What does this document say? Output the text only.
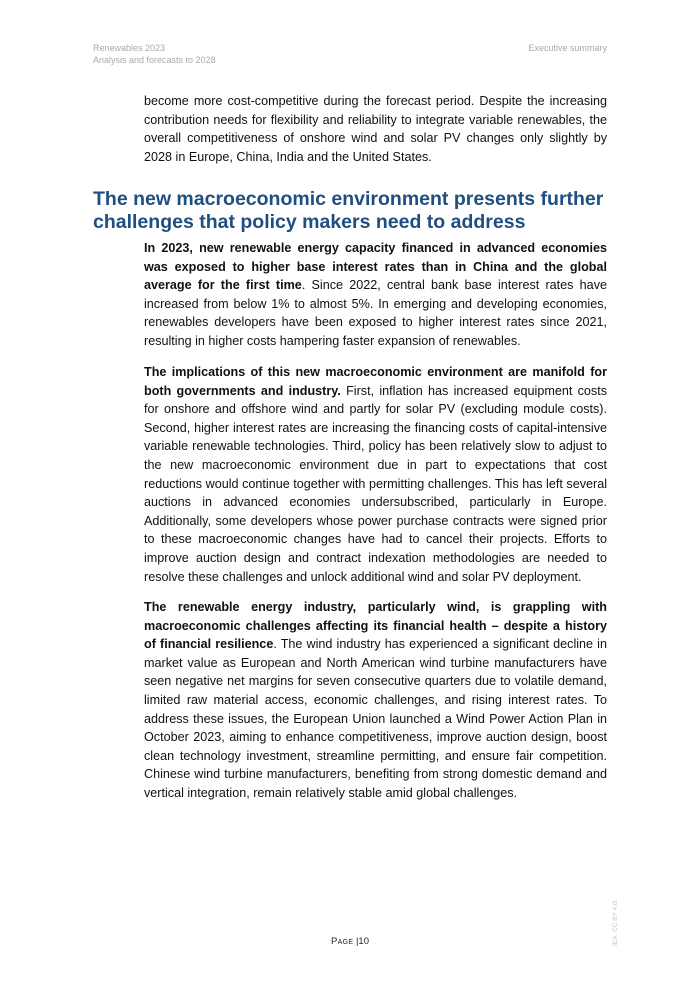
Renewables 2023
Analysis and forecasts to 2028
Executive summary

become more cost-competitive during the forecast period. Despite the increasing contribution needs for flexibility and reliability to integrate variable renewables, the overall competitiveness of onshore wind and solar PV changes only slightly by 2028 in Europe, China, India and the United States.

The new macroeconomic environment presents further challenges that policy makers need to address

In 2023, new renewable energy capacity financed in advanced economies was exposed to higher base interest rates than in China and the global average for the first time. Since 2022, central bank base interest rates have increased from below 1% to almost 5%. In emerging and developing economies, renewables developers have been exposed to higher interest rates since 2021, resulting in higher costs hampering faster expansion of renewables.

The implications of this new macroeconomic environment are manifold for both governments and industry. First, inflation has increased equipment costs for onshore and offshore wind and partly for solar PV (excluding module costs). Second, higher interest rates are increasing the financing costs of capital-intensive variable renewable technologies. Third, policy has been relatively slow to adjust to the new macroeconomic environment due in part to expectations that cost reductions would continue together with permitting challenges. This has left several auctions in advanced economies undersubscribed, particularly in Europe. Additionally, some developers whose power purchase contracts were signed prior to these macroeconomic changes have had to cancel their projects. Efforts to improve auction design and contract indexation methodologies are needed to resolve these challenges and unlock additional wind and solar PV deployment.

The renewable energy industry, particularly wind, is grappling with macroeconomic challenges affecting its financial health – despite a history of financial resilience. The wind industry has experienced a significant decline in market value as European and North American wind turbine manufacturers have seen negative net margins for seven consecutive quarters due to volatile demand, limited raw material access, economic challenges, and rising interest rates. To address these issues, the European Union launched a Wind Power Action Plan in October 2023, aiming to enhance competitiveness, improve auction design, boost clean technology investment, streamline permitting, and ensure fair competition. Chinese wind turbine manufacturers, benefiting from strong domestic demand and vertical integration, remain relatively stable amid global challenges.

Page |10	IEA. CC BY 4.0.
